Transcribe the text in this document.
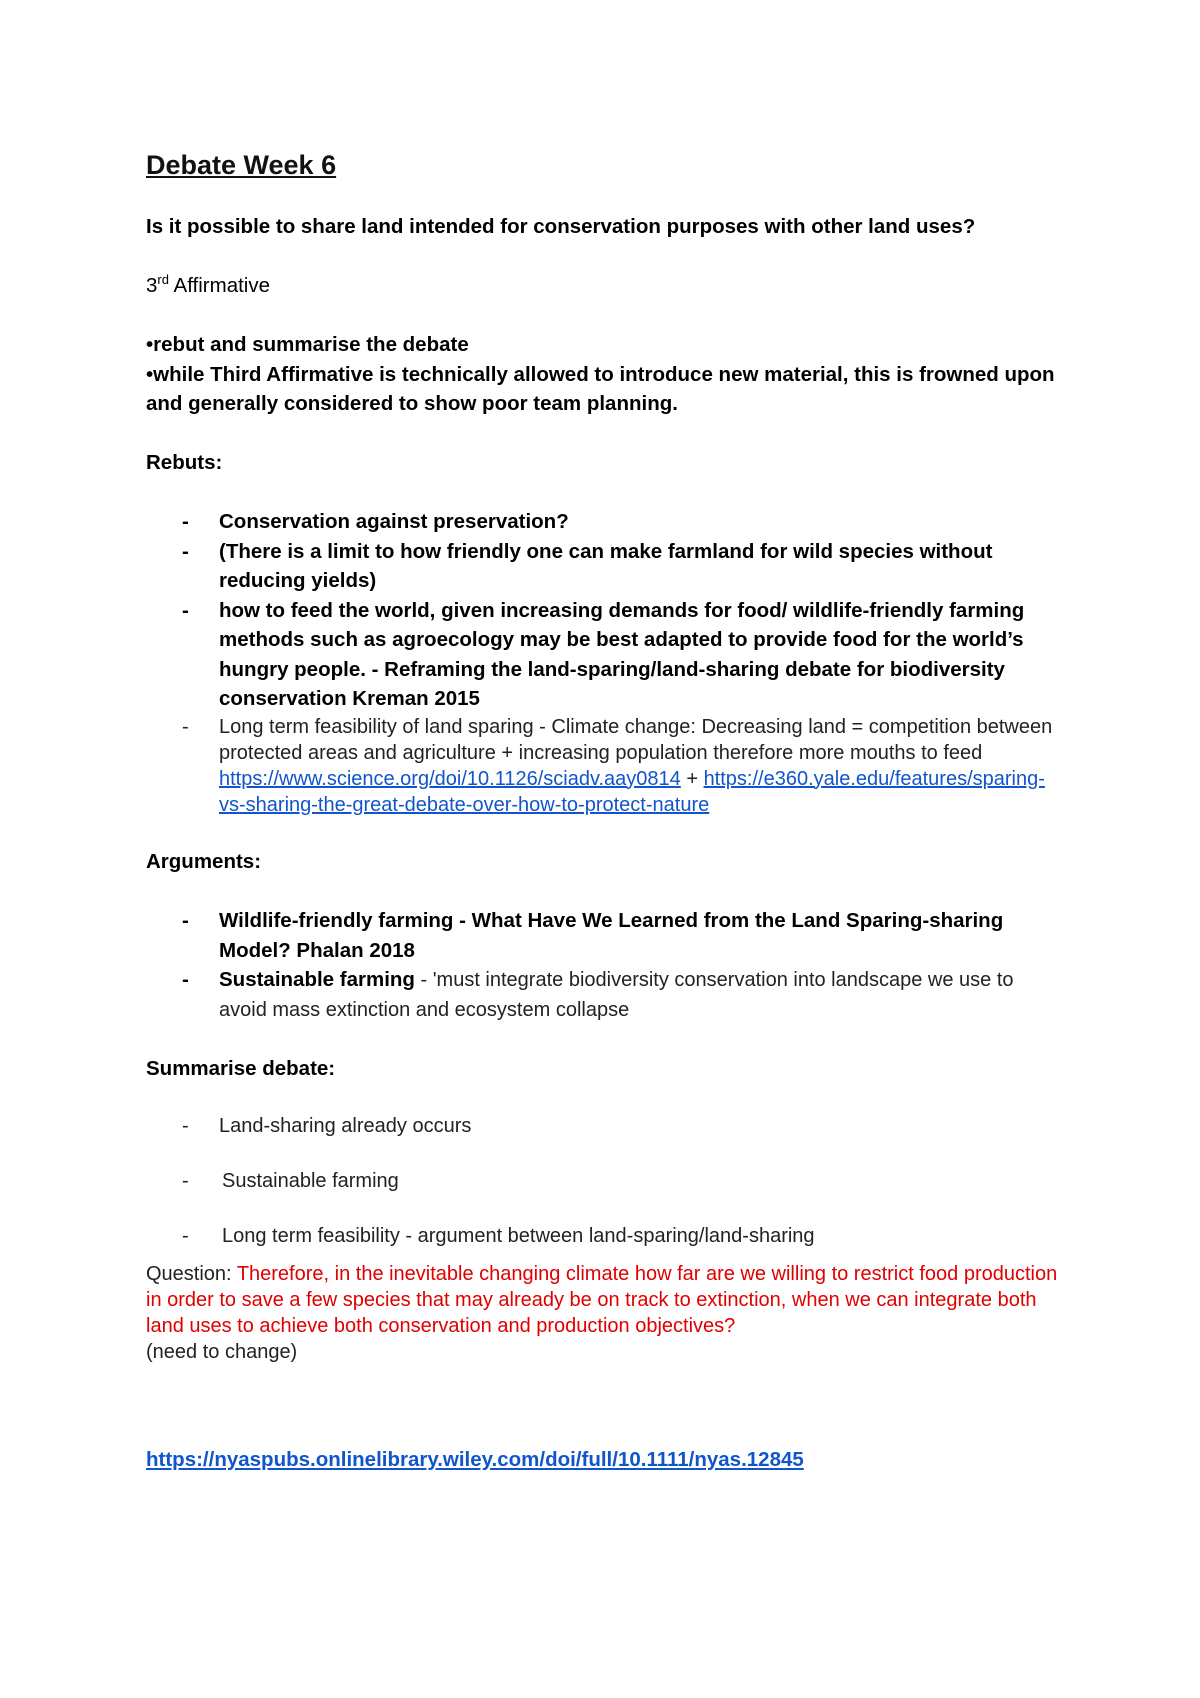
Debate Week 6

Is it possible to share land intended for conservation purposes with other land uses?

3rd Affirmative

•rebut and summarise the debate

•while Third Affirmative is technically allowed to introduce new material, this is frowned upon and generally considered to show poor team planning.

Rebuts:

- Conservation against preservation?
- (There is a limit to how friendly one can make farmland for wild species without reducing yields)
- how to feed the world, given increasing demands for food/ wildlife-friendly farming methods such as agroecology may be best adapted to provide food for the world’s hungry people. - Reframing the land-sparing/land-sharing debate for biodiversity conservation Kreman 2015
- Long term feasibility of land sparing - Climate change: Decreasing land = competition between protected areas and agriculture + increasing population therefore more mouths to feed https://www.science.org/doi/10.1126/sciadv.aay0814 + https://e360.yale.edu/features/sparing-vs-sharing-the-great-debate-over-how-to-protect-nature

Arguments:

- Wildlife-friendly farming - What Have We Learned from the Land Sparing-sharing Model? Phalan 2018
- Sustainable farming - 'must integrate biodiversity conservation into landscape we use to avoid mass extinction and ecosystem collapse

Summarise debate:

- Land-sharing already occurs
- Sustainable farming
- Long term feasibility - argument between land-sparing/land-sharing

Question: Therefore, in the inevitable changing climate how far are we willing to restrict food production in order to save a few species that may already be on track to extinction, when we can integrate both land uses to achieve both conservation and production objectives?
(need to change)

https://nyaspubs.onlinelibrary.wiley.com/doi/full/10.1111/nyas.12845
